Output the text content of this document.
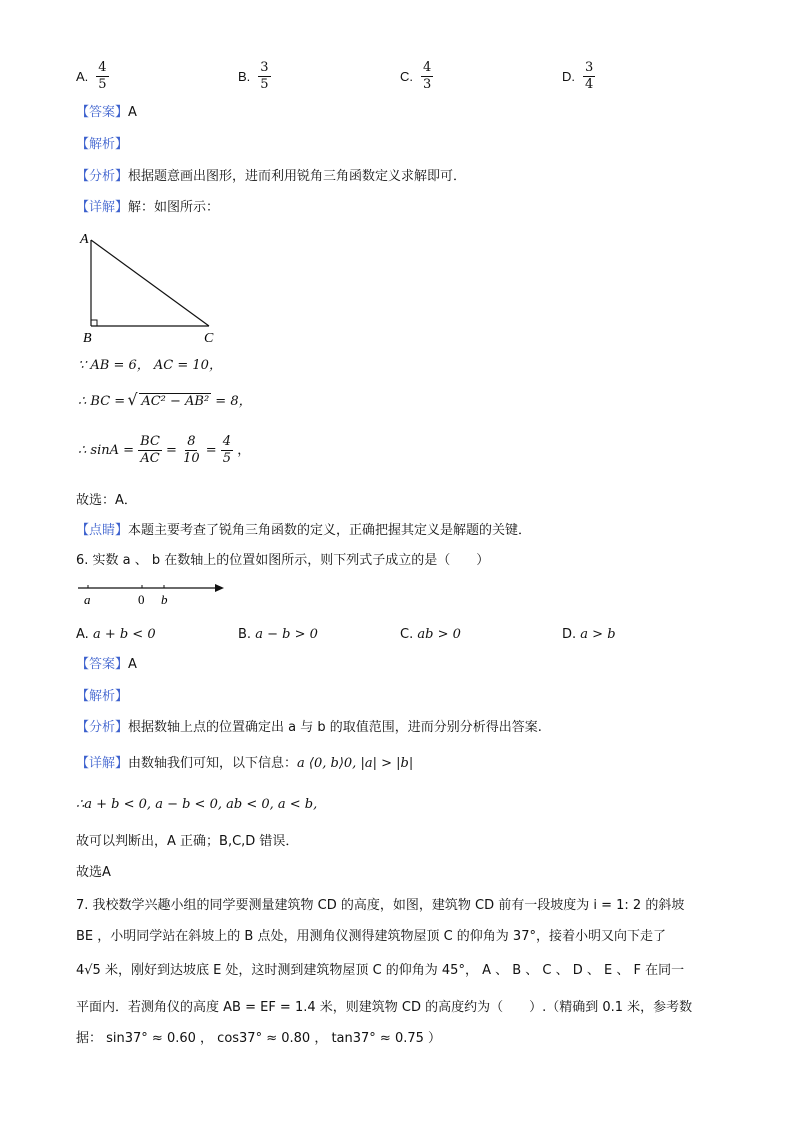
A. $\frac{4}{5}$	B. $\frac{3}{5}$	C. $\frac{4}{3}$	D. $\frac{3}{4}$
【答案】A
【解析】
【分析】根据题意画出图形，进而利用锐角三角函数定义求解即可．
【详解】解：如图所示：
A
B	C
∵ AB = 6， AC = 10，
∴ BC = √ AC² − AB² = 8，
∴ $\sin A = \frac{BC}{AC} = \frac{8}{10} = \frac{4}{5}$ ，
故选：A．
【点睛】本题主要考查了锐角三角函数的定义，正确把握其定义是解题的关键．
6. 实数 a 、 b 在数轴上的位置如图所示，则下列式子成立的是（　　）
a	0 b
A. a + b < 0	B. a − b > 0	C. ab > 0	D. a > b
【答案】A
【解析】
【分析】根据数轴上点的位置确定出 a 与 b 的取值范围，进而分别分析得出答案.
【详解】由数轴我们可知，以下信息：a ⟨0, b⟩0, |a| > |b|
∴a + b < 0, a − b < 0, ab < 0, a < b,
故可以判断出，A 正确；B,C,D 错误．
故选A
7. 我校数学兴趣小组的同学要测量建筑物 CD 的高度，如图，建筑物 CD 前有一段坡度为 i = 1: 2 的斜坡
BE ，小明同学站在斜坡上的 B 点处，用测角仪测得建筑物屋顶 C 的仰角为 37°，接着小明又向下走了
4√5 米，刚好到达坡底 E 处，这时测到建筑物屋顶 C 的仰角为 45°， A 、 B 、 C 、 D 、 E 、 F 在同一
平面内．若测角仪的高度 AB = EF = 1.4 米，则建筑物 CD 的高度约为（　　）.（精确到 0.1 米，参考数
据： sin37° ≈ 0.60 ， cos37° ≈ 0.80 ， tan37° ≈ 0.75 ）
